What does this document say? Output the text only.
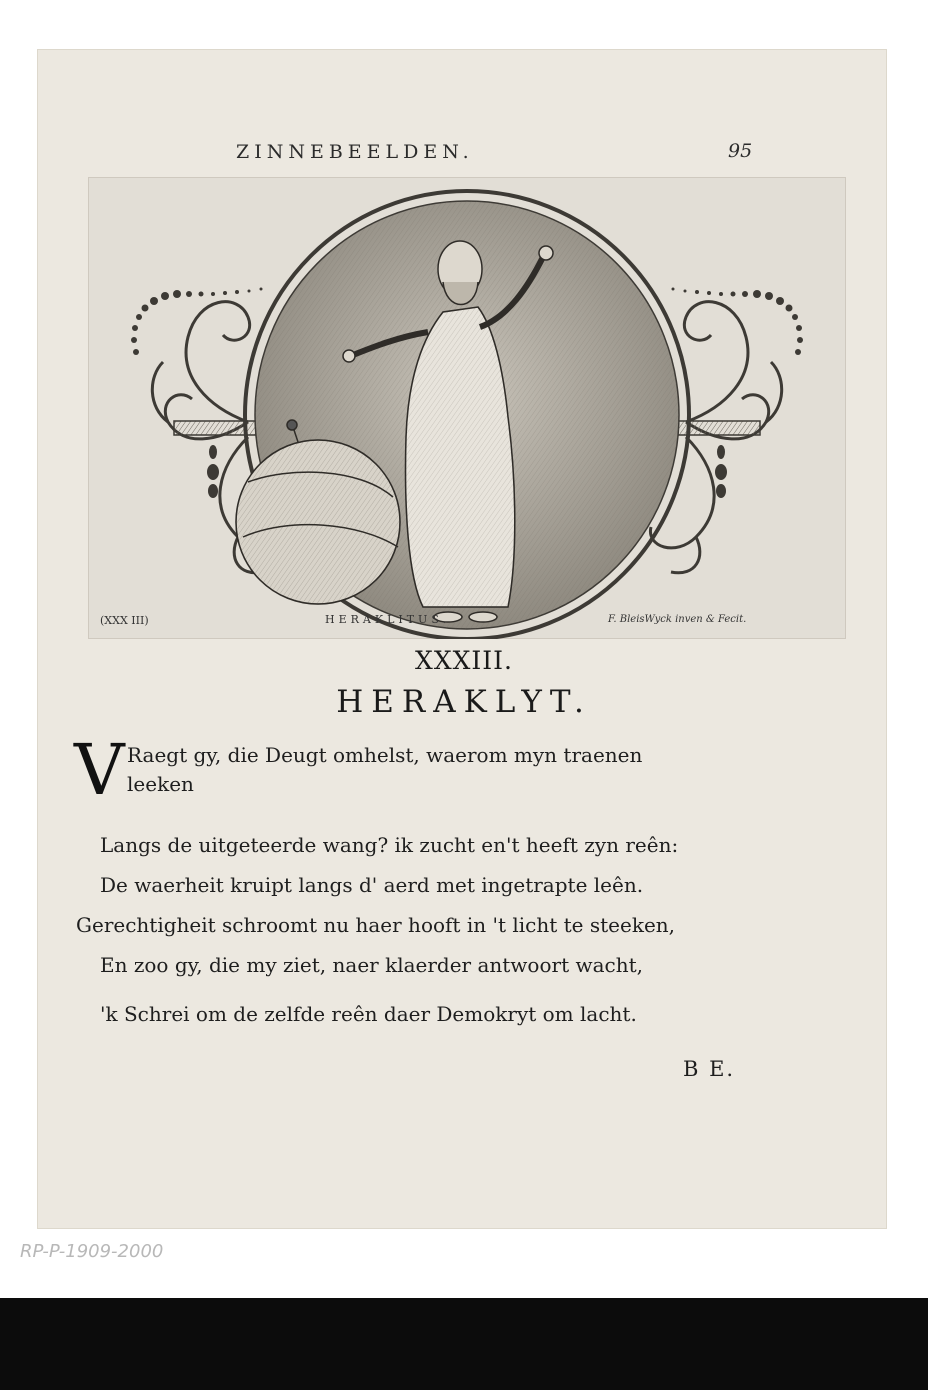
ZINNEBEELDEN.	95
(XXX III)	HERAKLITUS.	F. BleisWyck inven & Fecit.
XXXIII.
HERAKLYT.
V Raegt gy, die Deugt omhelst, waerom myn traenen
leeken
Langs de uitgeteerde wang? ik zucht en't heeft zyn reên:
De waerheit kruipt langs d' aerd met ingetrapte leên.
Gerechtigheit schroomt nu haer hooft in 't licht te steeken,
En zoo gy, die my ziet, naer klaerder antwoort wacht,
'k Schrei om de zelfde reên daer Demokryt om lacht.
B E.
RP-P-1909-2000
